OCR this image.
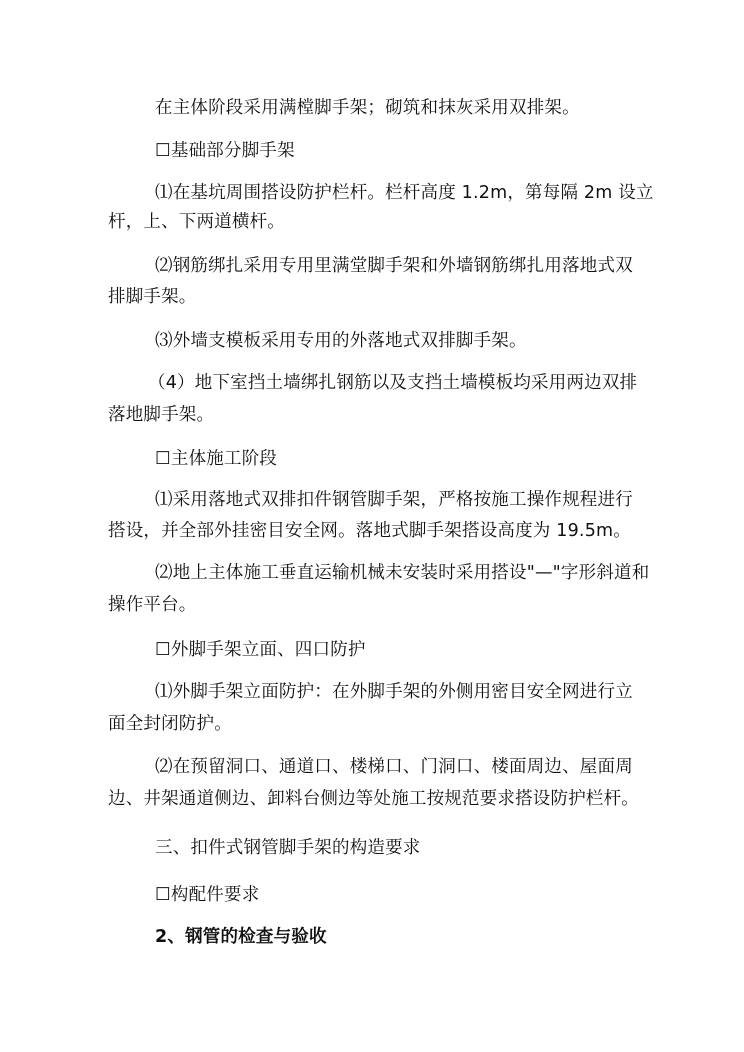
在主体阶段采用满樘脚手架；砌筑和抹灰采用双排架。
☐基础部分脚手架
⑴在基坑周围搭设防护栏杆。栏杆高度 1.2m，第每隔 2m 设立
杆，上、下两道横杆。
⑵钢筋绑扎采用专用里满堂脚手架和外墙钢筋绑扎用落地式双
排脚手架。
⑶外墙支模板采用专用的外落地式双排脚手架。
（4）地下室挡土墙绑扎钢筋以及支挡土墙模板均采用两边双排
落地脚手架。
☐主体施工阶段
⑴采用落地式双排扣件钢管脚手架，严格按施工操作规程进行
搭设，并全部外挂密目安全网。落地式脚手架搭设高度为 19.5m。
⑵地上主体施工垂直运输机械未安装时采用搭设"—"字形斜道和
操作平台。
☐外脚手架立面、四口防护
⑴外脚手架立面防护：在外脚手架的外侧用密目安全网进行立
面全封闭防护。
⑵在预留洞口、通道口、楼梯口、门洞口、楼面周边、屋面周
边、井架通道侧边、卸料台侧边等处施工按规范要求搭设防护栏杆。
三、扣件式钢管脚手架的构造要求
☐构配件要求
2、钢管的检查与验收
